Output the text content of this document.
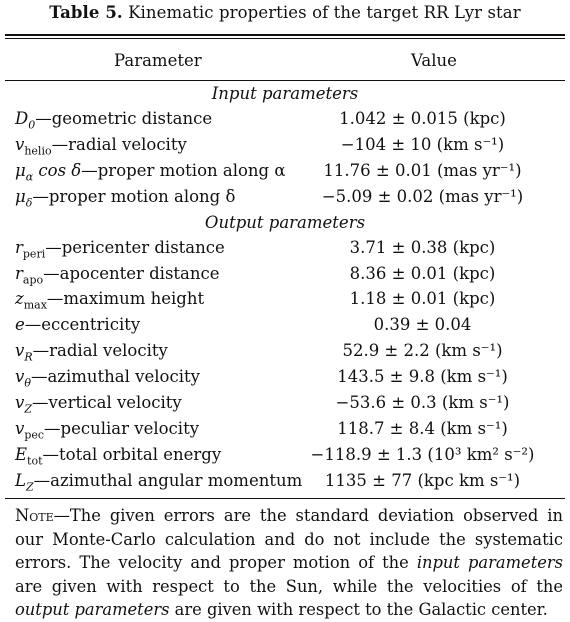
Table 5. Kinematic properties of the target RR Lyr star
Parameter	Value
Input parameters
$D_0—geometric$ distance	1.042 ± 0.015 (kpc)
$v_{helio}—radial$ velocity	−104 ± 10 (km s⁻¹)
$\mu_\alpha$ cos δ—proper motion along α	11.76 ± 0.01 (mas yr⁻¹)
$\mu_\delta—proper$ motion along δ	−5.09 ± 0.02 (mas yr⁻¹)
Output parameters
$r_{peri}—pericenter$ distance	3.71 ± 0.38 (kpc)
$r_{apo}—apocenter$ distance	8.36 ± 0.01 (kpc)
$z_{max}—maximum$ height	1.18 ± 0.01 (kpc)
e—eccentricity	0.39 ± 0.04
$v_R—radial$ velocity	52.9 ± 2.2 (km s⁻¹)
$v_\theta—azimuthal$ velocity	143.5 ± 9.8 (km s⁻¹)
$v_Z—vertical$ velocity	−53.6 ± 0.3 (km s⁻¹)
$v_{pec}—peculiar$ velocity	118.7 ± 8.4 (km s⁻¹)
$E_{tot}—total$ orbital energy	−118.9 ± 1.3 (10³ km² s⁻²)
$L_Z—azimuthal$ angular momentum	1135 ± 77 (kpc km s⁻¹)
Note—The given errors are the standard deviation observed in our Monte-Carlo calculation and do not include the systematic errors. The velocity and proper motion of the input parameters are given with respect to the Sun, while the velocities of the output parameters are given with respect to the Galactic center.
